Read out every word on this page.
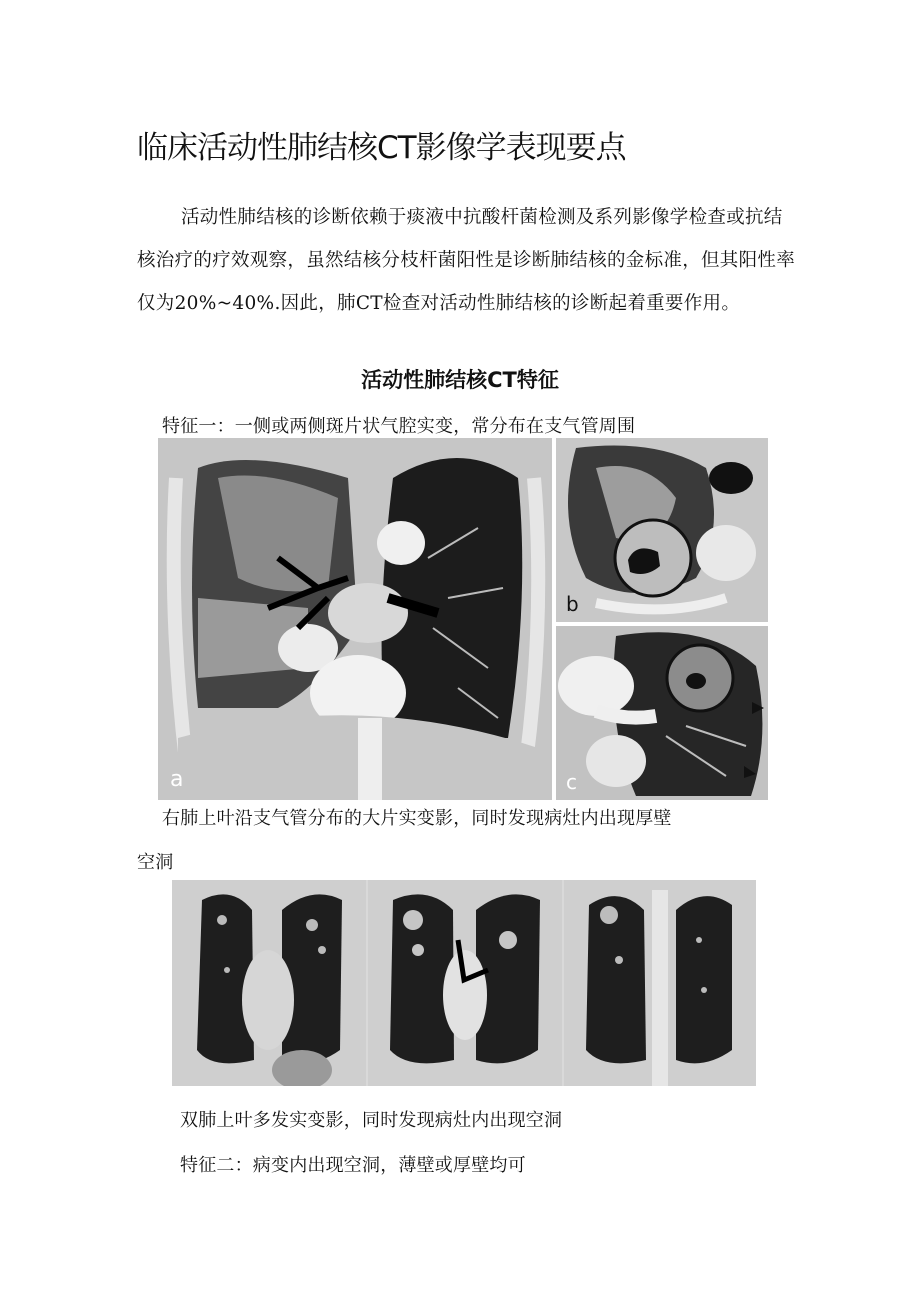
临床活动性肺结核CT影像学表现要点

活动性肺结核的诊断依赖于痰液中抗酸杆菌检测及系列影像学检查或抗结核治疗的疗效观察，虽然结核分枝杆菌阳性是诊断肺结核的金标准，但其阳性率仅为20%~40%.因此，肺CT检查对活动性肺结核的诊断起着重要作用。

活动性肺结核CT特征

特征一：一侧或两侧斑片状气腔实变，常分布在支气管周围

a
b
c

右肺上叶沿支气管分布的大片实变影，同时发现病灶内出现厚壁

空洞

双肺上叶多发实变影，同时发现病灶内出现空洞

特征二：病变内出现空洞，薄壁或厚壁均可
